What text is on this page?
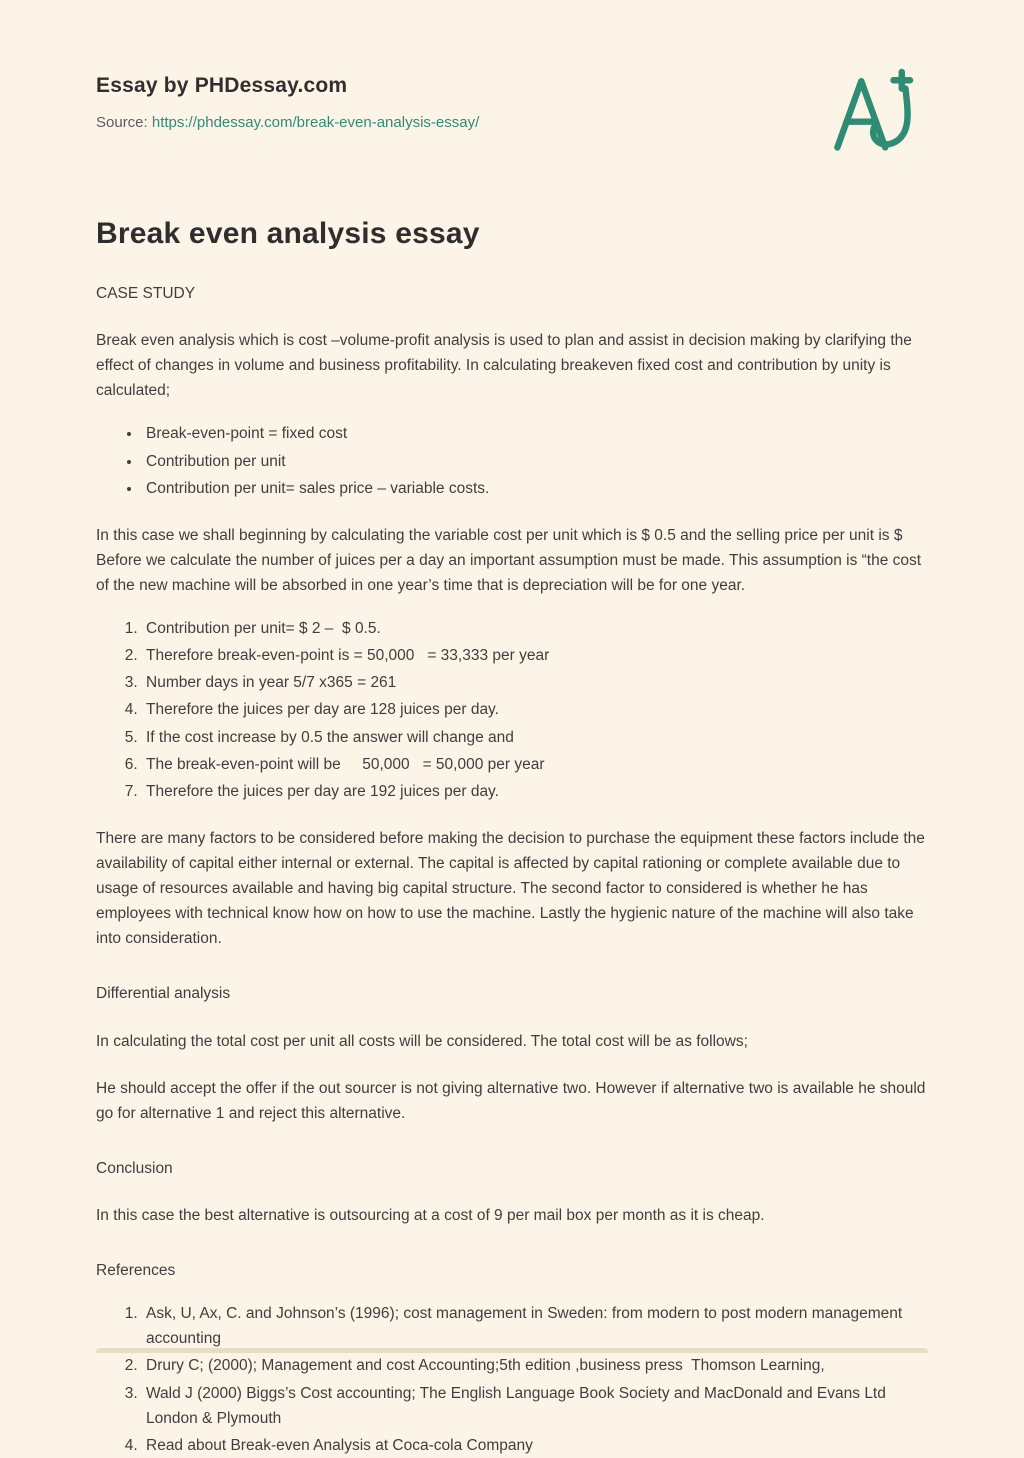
Essay by PHDessay.com
Source: https://phdessay.com/break-even-analysis-essay/
Break even analysis essay
CASE STUDY

Break even analysis which is cost –volume-profit analysis is used to plan and assist in decision making by clarifying the effect of changes in volume and business profitability. In calculating breakeven fixed cost and contribution by unity is calculated;

• Break-even-point = fixed cost
• Contribution per unit
• Contribution per unit= sales price – variable costs.

In this case we shall beginning by calculating the variable cost per unit which is $ 0.5 and the selling price per unit is $ Before we calculate the number of juices per a day an important assumption must be made. This assumption is “the cost of the new machine will be absorbed in one year’s time that is depreciation will be for one year.

1. Contribution per unit= $ 2 –  $ 0.5.
2. Therefore break-even-point is = 50,000   = 33,333 per year
3. Number days in year 5/7 x365 = 261
4. Therefore the juices per day are 128 juices per day.
5. If the cost increase by 0.5 the answer will change and
6. The break-even-point will be     50,000   = 50,000 per year
7. Therefore the juices per day are 192 juices per day.

There are many factors to be considered before making the decision to purchase the equipment these factors include the availability of capital either internal or external. The capital is affected by capital rationing or complete available due to usage of resources available and having big capital structure. The second factor to considered is whether he has employees with technical know how on how to use the machine. Lastly the hygienic nature of the machine will also take into consideration.

Differential analysis

In calculating the total cost per unit all costs will be considered. The total cost will be as follows;

He should accept the offer if the out sourcer is not giving alternative two. However if alternative two is available he should go for alternative 1 and reject this alternative.

Conclusion

In this case the best alternative is outsourcing at a cost of 9 per mail box per month as it is cheap.

References
1. Ask, U, Ax, C. and Johnson’s (1996); cost management in Sweden: from modern to post modern management accounting
2. Drury C; (2000); Management and cost Accounting;5th edition ,business press  Thomson Learning,
3. Wald J (2000) Biggs’s Cost accounting; The English Language Book Society and MacDonald and Evans Ltd London & Plymouth
4. Read about Break-even Analysis at Coca-cola Company
